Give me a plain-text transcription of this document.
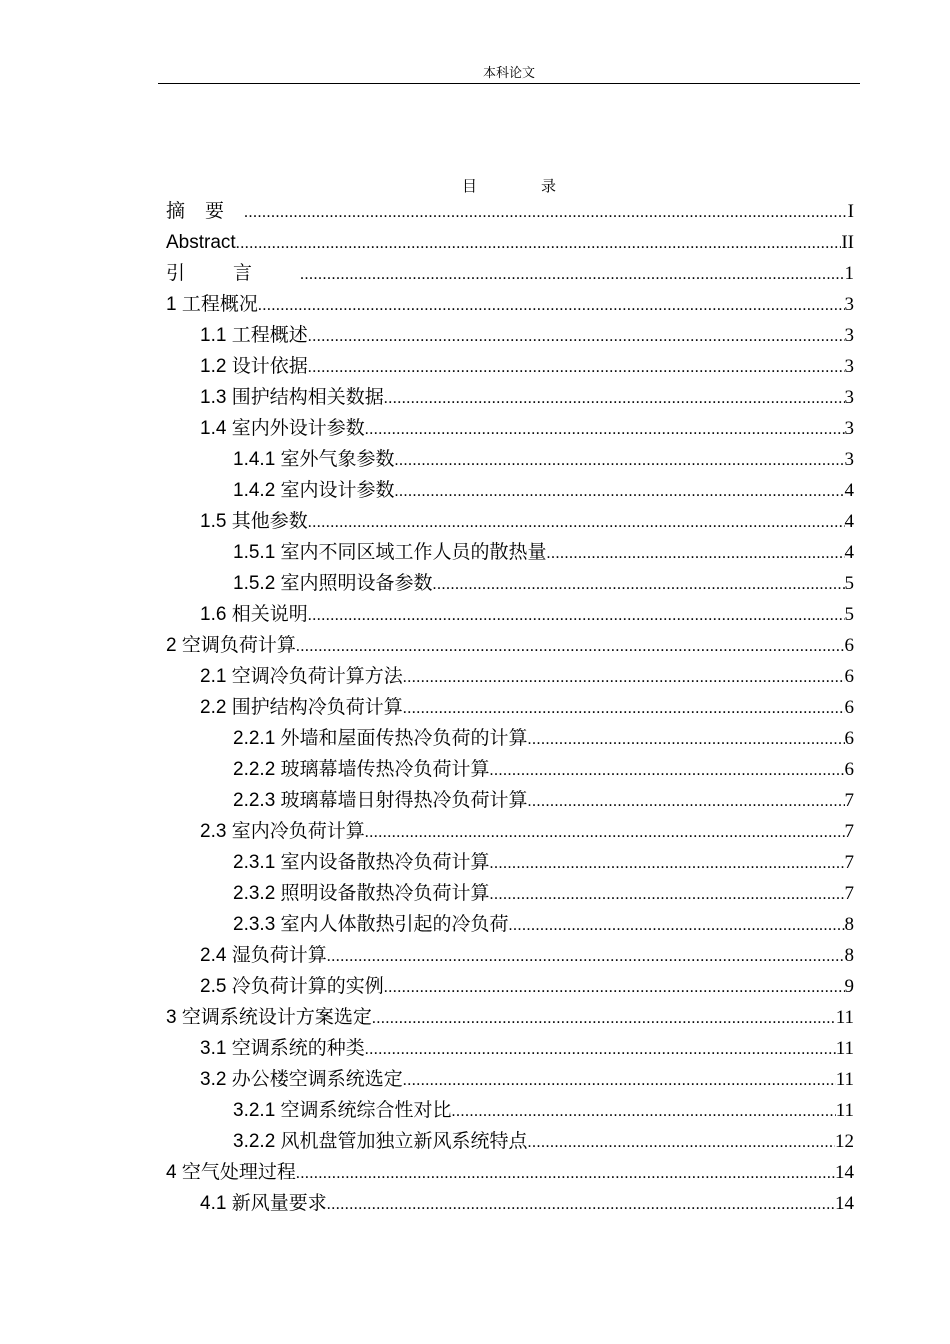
本科论文
目录
摘要 .....	I
Abstract .....	II
引言 .....	1
1 工程概况 .....	3
1.1 工程概述 .....	3
1.2 设计依据 .....	3
1.3 围护结构相关数据 .....	3
1.4 室内外设计参数 .....	3
1.4.1 室外气象参数 .....	3
1.4.2 室内设计参数 .....	4
1.5 其他参数 .....	4
1.5.1 室内不同区域工作人员的散热量 .....	4
1.5.2 室内照明设备参数 .....	5
1.6 相关说明 .....	5
2 空调负荷计算 .....	6
2.1 空调冷负荷计算方法 .....	6
2.2 围护结构冷负荷计算 .....	6
2.2.1 外墙和屋面传热冷负荷的计算 .....	6
2.2.2 玻璃幕墙传热冷负荷计算 .....	6
2.2.3 玻璃幕墙日射得热冷负荷计算 .....	7
2.3 室内冷负荷计算 .....	7
2.3.1 室内设备散热冷负荷计算 .....	7
2.3.2 照明设备散热冷负荷计算 .....	7
2.3.3 室内人体散热引起的冷负荷 .....	8
2.4 湿负荷计算 .....	8
2.5 冷负荷计算的实例 .....	9
3 空调系统设计方案选定 .....	11
3.1 空调系统的种类 .....	11
3.2 办公楼空调系统选定 .....	11
3.2.1 空调系统综合性对比 .....	11
3.2.2 风机盘管加独立新风系统特点 .....	12
4 空气处理过程 .....	14
4.1 新风量要求 .....	14
